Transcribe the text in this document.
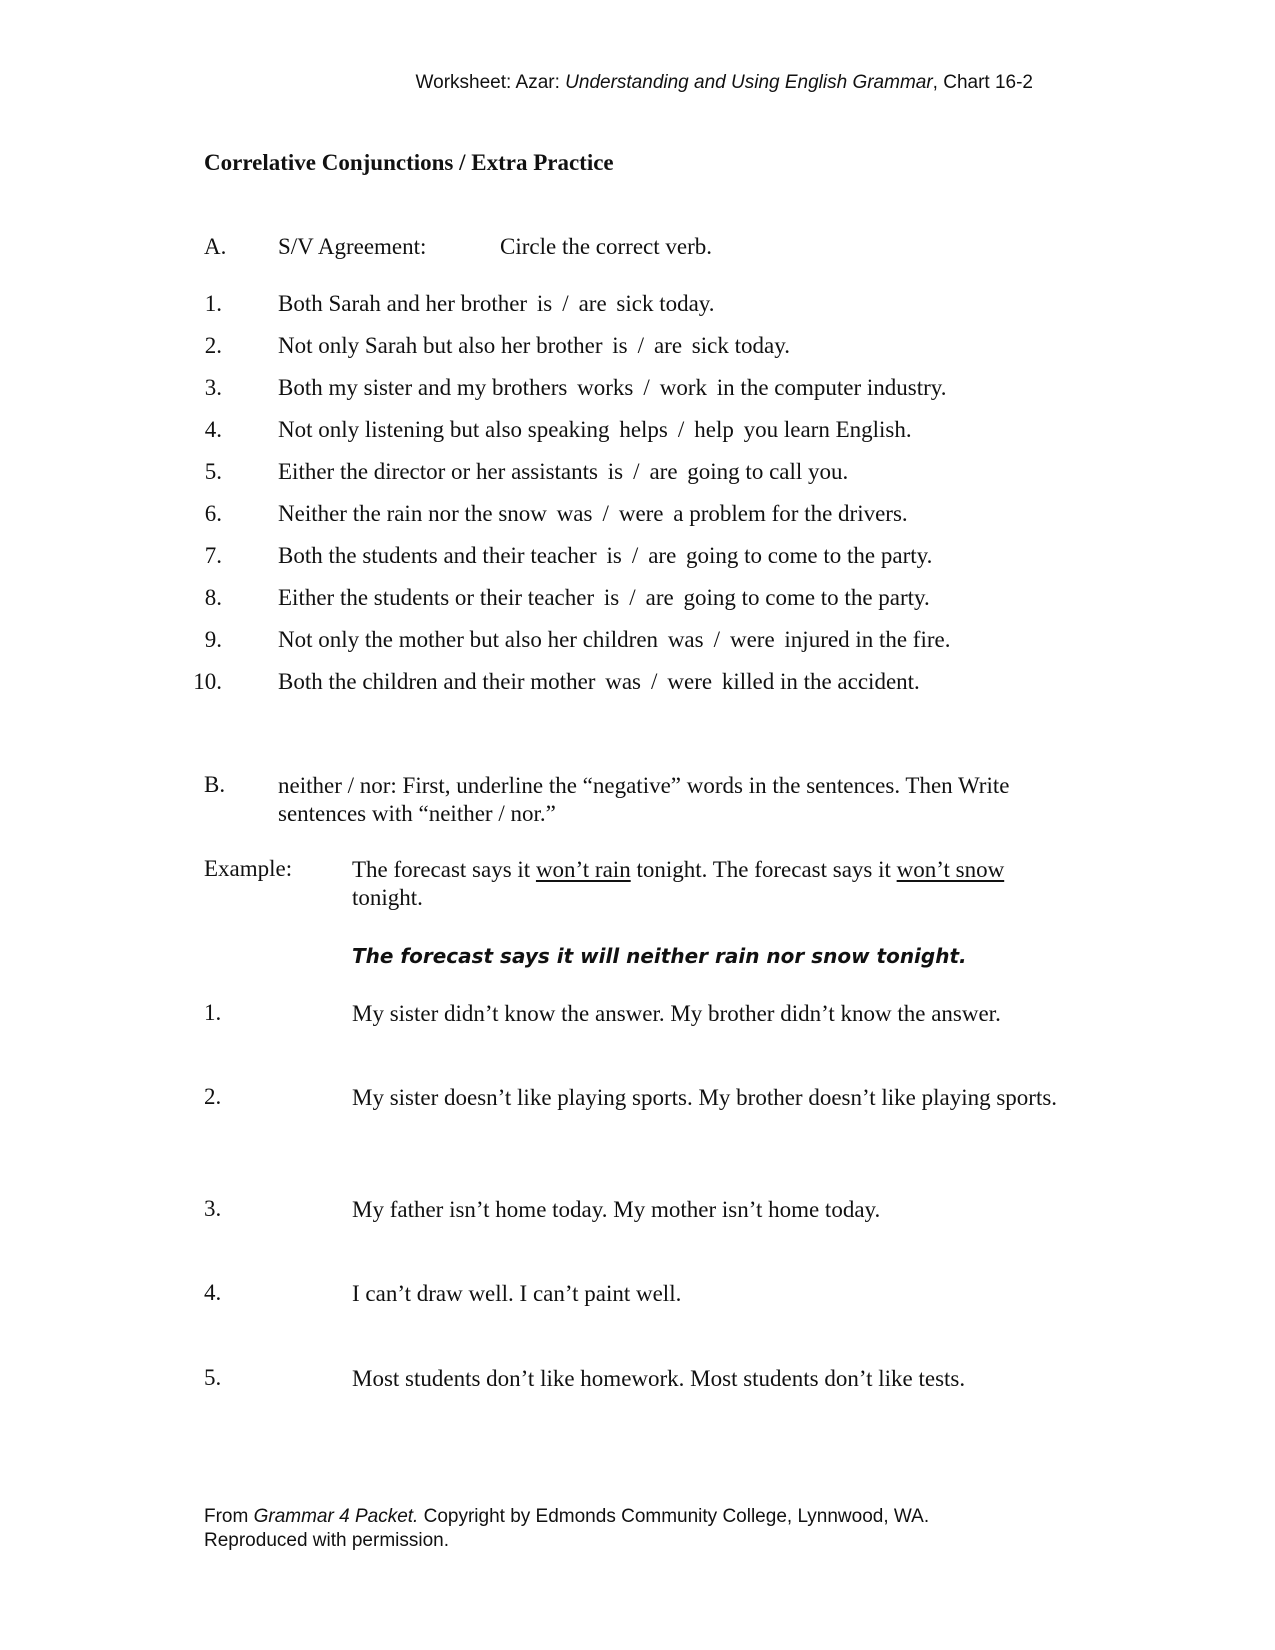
Worksheet: Azar: Understanding and Using English Grammar, Chart 16-2
Correlative Conjunctions / Extra Practice
A. S/V Agreement:	Circle the correct verb.
1. Both Sarah and her brother is / are sick today.
2. Not only Sarah but also her brother is / are sick today.
3. Both my sister and my brothers works / work in the computer industry.
4. Not only listening but also speaking helps / help you learn English.
5. Either the director or her assistants is / are going to call you.
6. Neither the rain nor the snow was / were a problem for the drivers.
7. Both the students and their teacher is / are going to come to the party.
8. Either the students or their teacher is / are going to come to the party.
9. Not only the mother but also her children was / were injured in the fire.
10. Both the children and their mother was / were killed in the accident.
B. neither / nor: First, underline the “negative” words in the sentences. Then Write sentences with “neither / nor.”
Example:	The forecast says it won’t rain tonight. The forecast says it won’t snow tonight.
The forecast says it will neither rain nor snow tonight.
1.	My sister didn’t know the answer. My brother didn’t know the answer.
2.	My sister doesn’t like playing sports. My brother doesn’t like playing sports.
3.	My father isn’t home today. My mother isn’t home today.
4.	I can’t draw well. I can’t paint well.
5.	Most students don’t like homework. Most students don’t like tests.
From Grammar 4 Packet. Copyright by Edmonds Community College, Lynnwood, WA.
Reproduced with permission.
